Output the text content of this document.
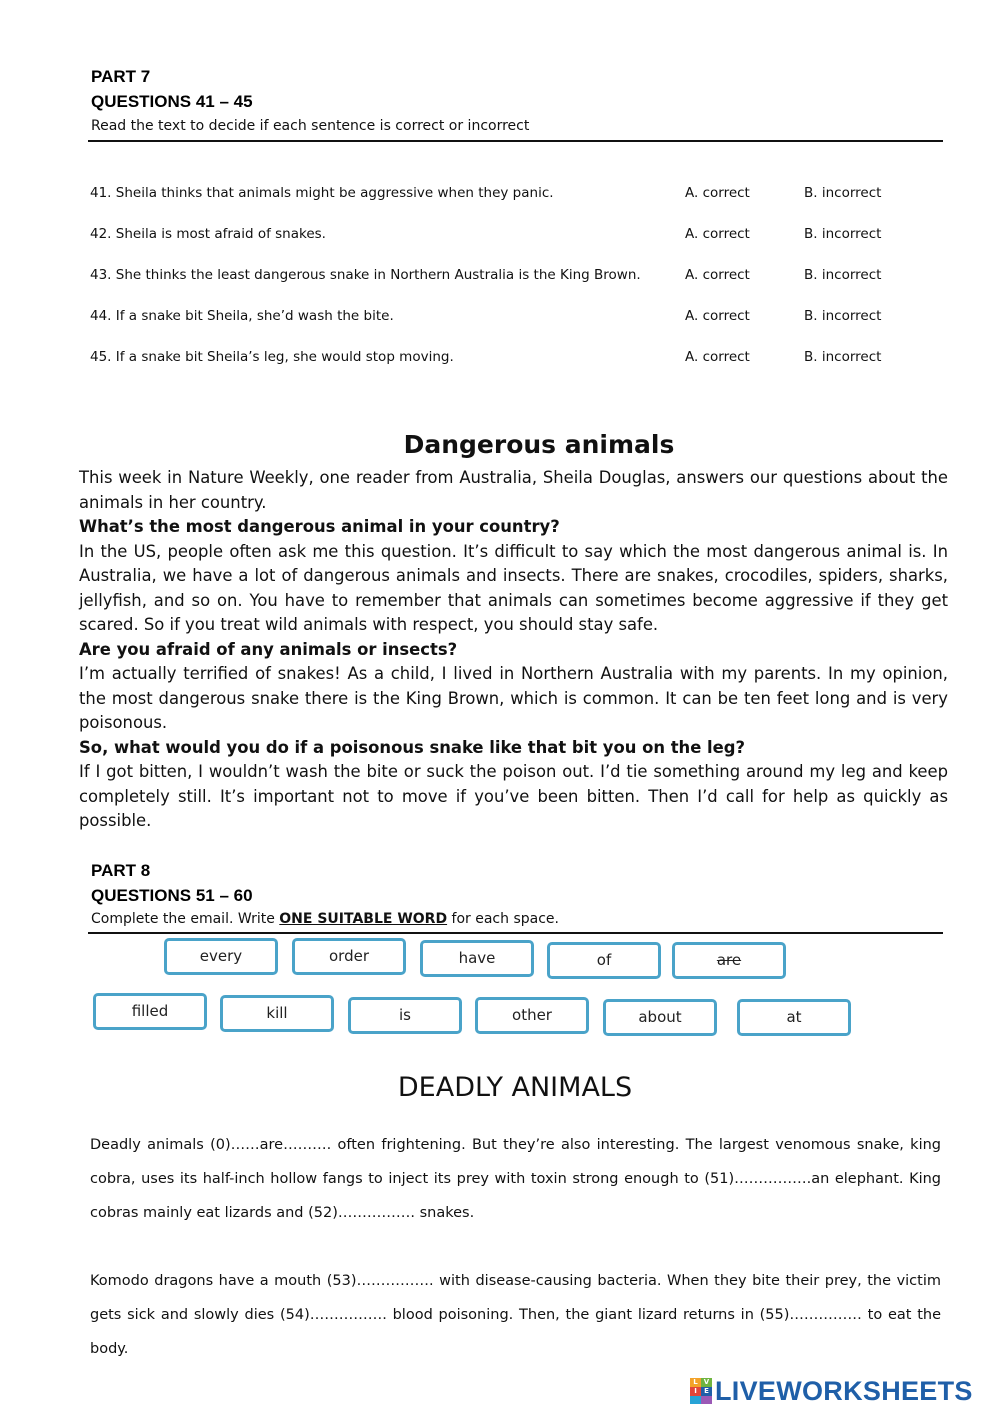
PART 7
QUESTIONS 41 – 45
Read the text to decide if each sentence is correct or incorrect
41. Sheila thinks that animals might be aggressive when they panic.	A. correct	B. incorrect
42. Sheila is most afraid of snakes.	A. correct	B. incorrect
43. She thinks the least dangerous snake in Northern Australia is the King Brown.	A. correct	B. incorrect
44. If a snake bit Sheila, she’d wash the bite.	A. correct	B. incorrect
45. If a snake bit Sheila’s leg, she would stop moving.	A. correct	B. incorrect
Dangerous animals

This week in Nature Weekly, one reader from Australia, Sheila Douglas, answers our questions about the animals in her country.

What’s the most dangerous animal in your country?

In the US, people often ask me this question. It’s difficult to say which the most dangerous animal is. In Australia, we have a lot of dangerous animals and insects. There are snakes, crocodiles, spiders, sharks, jellyfish, and so on. You have to remember that animals can sometimes become aggressive if they get scared. So if you treat wild animals with respect, you should stay safe.

Are you afraid of any animals or insects?

I’m actually terrified of snakes! As a child, I lived in Northern Australia with my parents. In my opinion, the most dangerous snake there is the King Brown, which is common. It can be ten feet long and is very poisonous.

So, what would you do if a poisonous snake like that bit you on the leg?

If I got bitten, I wouldn’t wash the bite or suck the poison out. I’d tie something around my leg and keep completely still. It’s important not to move if you’ve been bitten. Then I’d call for help as quickly as possible.

PART 8
QUESTIONS 51 – 60
Complete the email. Write ONE SUITABLE WORD for each space.
every	order	have	of	are
filled	kill	is	other	about	at
DEADLY ANIMALS

Deadly animals (0)……are………. often frightening. But they’re also interesting. The largest venomous snake, king cobra, uses its half-inch hollow fangs to inject its prey with toxin strong enough to (51)…………….an elephant. King cobras mainly eat lizards and (52)……………. snakes.

Komodo dragons have a mouth (53)……………. with disease-causing bacteria. When they bite their prey, the victim gets sick and slowly dies (54)……………. blood poisoning. Then, the giant lizard returns in (55)…………… to eat the body.

L
I
V
E LIVEWORKSHEETS
